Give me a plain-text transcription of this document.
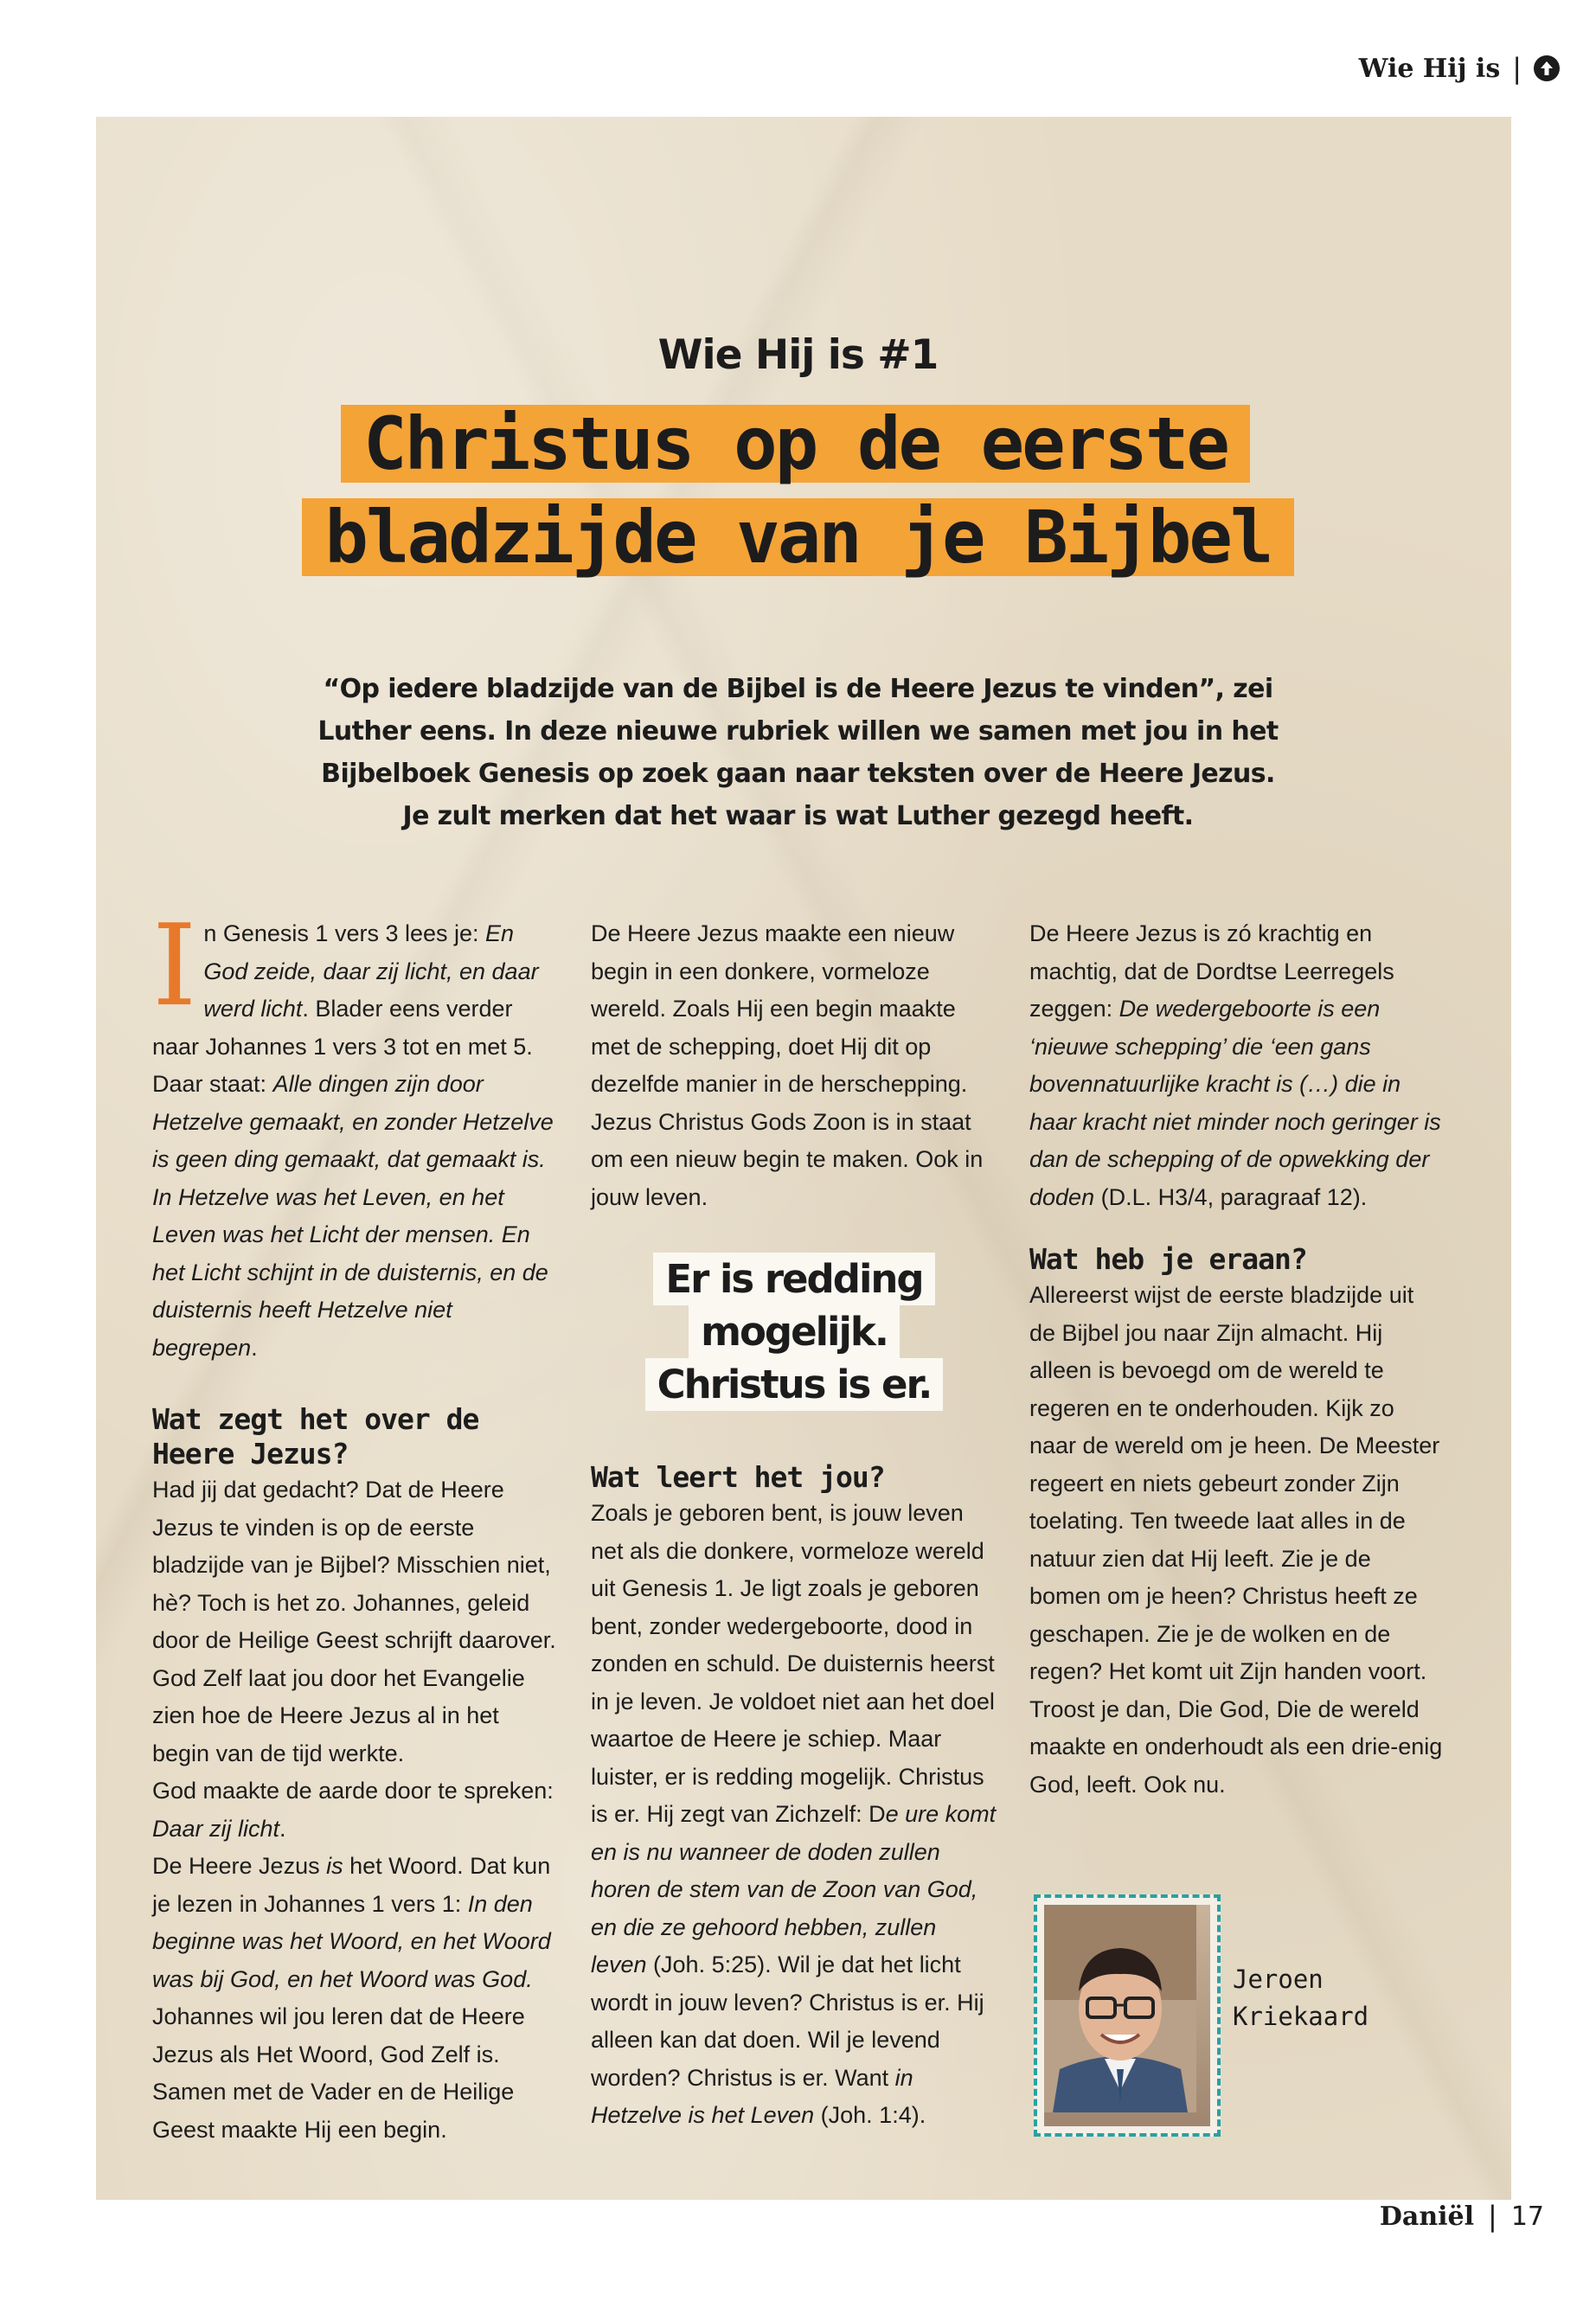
Wie Hij is |
Wie Hij is #1
Christus op de eerste
bladzijde van je Bijbel
“Op iedere bladzijde van de Bijbel is de Heere Jezus te vinden”, zei Luther eens. In deze nieuwe rubriek willen we samen met jou in het Bijbelboek Genesis op zoek gaan naar teksten over de Heere Jezus. Je zult merken dat het waar is wat Luther gezegd heeft.

In Genesis 1 vers 3 lees je: En God zeide, daar zij licht, en daar werd licht. Blader eens verder naar Johannes 1 vers 3 tot en met 5. Daar staat: Alle dingen zijn door Hetzelve gemaakt, en zonder Hetzelve is geen ding gemaakt, dat gemaakt is. In Hetzelve was het Leven, en het Leven was het Licht der mensen. En het Licht schijnt in de duisternis, en de duisternis heeft Hetzelve niet begrepen.

Wat zegt het over de Heere Jezus?

Had jij dat gedacht? Dat de Heere Jezus te vinden is op de eerste bladzijde van je Bijbel? Misschien niet, hè? Toch is het zo. Johannes, geleid door de Heilige Geest schrijft daarover. God Zelf laat jou door het Evangelie zien hoe de Heere Jezus al in het begin van de tijd werkte.

God maakte de aarde door te spreken: Daar zij licht.

De Heere Jezus is het Woord. Dat kun je lezen in Johannes 1 vers 1: In den beginne was het Woord, en het Woord was bij God, en het Woord was God. Johannes wil jou leren dat de Heere Jezus als Het Woord, God Zelf is. Samen met de Vader en de Heilige Geest maakte Hij een begin.

De Heere Jezus maakte een nieuw begin in een donkere, vormeloze wereld. Zoals Hij een begin maakte met de schepping, doet Hij dit op dezelfde manier in de herschepping. Jezus Christus Gods Zoon is in staat om een nieuw begin te maken. Ook in jouw leven.

Wat leert het jou?

Zoals je geboren bent, is jouw leven net als die donkere, vormeloze wereld uit Genesis 1. Je ligt zoals je geboren bent, zonder wedergeboorte, dood in zonden en schuld. De duisternis heerst in je leven. Je voldoet niet aan het doel waartoe de Heere je schiep. Maar luister, er is redding mogelijk. Christus is er. Hij zegt van Zichzelf: De ure komt en is nu wanneer de doden zullen horen de stem van de Zoon van God, en die ze gehoord hebben, zullen leven (Joh. 5:25). Wil je dat het licht wordt in jouw leven? Christus is er. Hij alleen kan dat doen. Wil je levend worden? Christus is er. Want in Hetzelve is het Leven (Joh. 1:4).

Er is redding
mogelijk.
Christus is er.

De Heere Jezus is zó krachtig en machtig, dat de Dordtse Leerregels zeggen: De wedergeboorte is een ‘nieuwe schepping’ die ‘een gans bovennatuurlijke kracht is (…) die in haar kracht niet minder noch geringer is dan de schepping of de opwekking der doden (D.L. H3/4, paragraaf 12).

Wat heb je eraan?

Allereerst wijst de eerste bladzijde uit de Bijbel jou naar Zijn almacht. Hij alleen is bevoegd om de wereld te regeren en te onderhouden. Kijk zo naar de wereld om je heen. De Meester regeert en niets gebeurt zonder Zijn toelating. Ten tweede laat alles in de natuur zien dat Hij leeft. Zie je de bomen om je heen? Christus heeft ze geschapen. Zie je de wolken en de regen? Het komt uit Zijn handen voort. Troost je dan, Die God, Die de wereld maakte en onderhoudt als een drie-enig God, leeft. Ook nu.

Jeroen
Kriekaard
Daniël | 17
